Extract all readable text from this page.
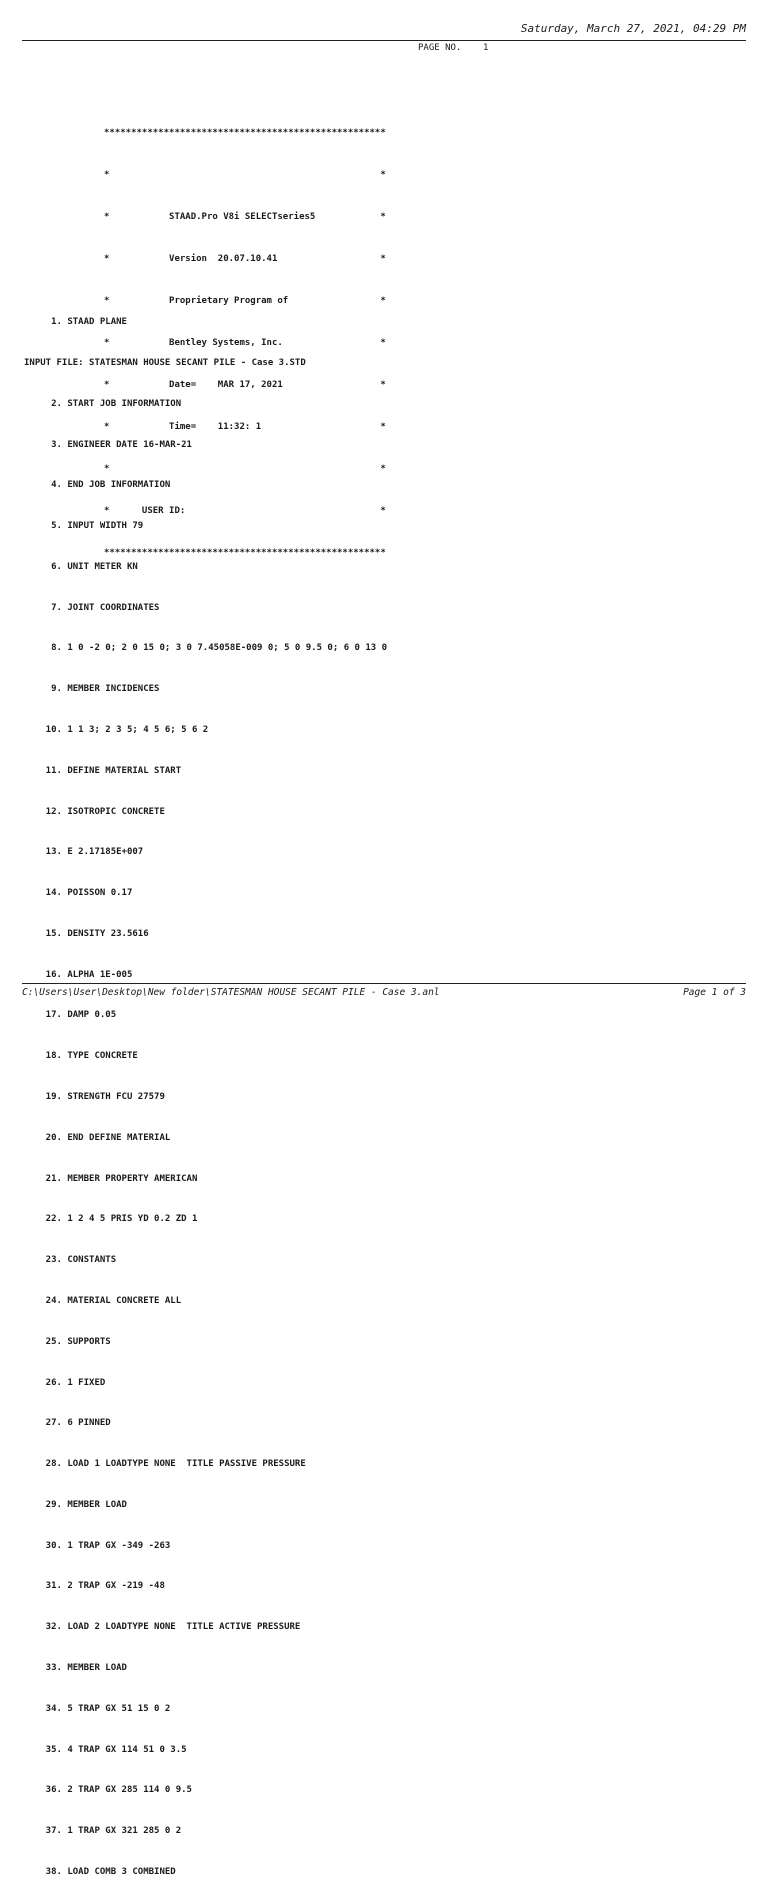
Saturday, March 27, 2021, 04:29 PM
PAGE NO.    1

****************************************************

*                                                  *

*           STAAD.Pro V8i SELECTseries5            *

*           Version  20.07.10.41                   *

*           Proprietary Program of                 *

*           Bentley Systems, Inc.                  *

*           Date=    MAR 17, 2021                  *

*           Time=    11:32: 1                      *

*                                                  *

*      USER ID:                                    *

****************************************************

1. STAAD PLANE

INPUT FILE: STATESMAN HOUSE SECANT PILE - Case 3.STD

2. START JOB INFORMATION

3. ENGINEER DATE 16-MAR-21

4. END JOB INFORMATION

5. INPUT WIDTH 79

6. UNIT METER KN

7. JOINT COORDINATES

8. 1 0 -2 0; 2 0 15 0; 3 0 7.45058E-009 0; 5 0 9.5 0; 6 0 13 0

9. MEMBER INCIDENCES

10. 1 1 3; 2 3 5; 4 5 6; 5 6 2

11. DEFINE MATERIAL START

12. ISOTROPIC CONCRETE

13. E 2.17185E+007

14. POISSON 0.17

15. DENSITY 23.5616

16. ALPHA 1E-005

17. DAMP 0.05

18. TYPE CONCRETE

19. STRENGTH FCU 27579

20. END DEFINE MATERIAL

21. MEMBER PROPERTY AMERICAN

22. 1 2 4 5 PRIS YD 0.2 ZD 1

23. CONSTANTS

24. MATERIAL CONCRETE ALL

25. SUPPORTS

26. 1 FIXED

27. 6 PINNED

28. LOAD 1 LOADTYPE NONE  TITLE PASSIVE PRESSURE

29. MEMBER LOAD

30. 1 TRAP GX -349 -263

31. 2 TRAP GX -219 -48

32. LOAD 2 LOADTYPE NONE  TITLE ACTIVE PRESSURE

33. MEMBER LOAD

34. 5 TRAP GX 51 15 0 2

35. 4 TRAP GX 114 51 0 3.5

36. 2 TRAP GX 285 114 0 9.5

37. 1 TRAP GX 321 285 0 2

38. LOAD COMB 3 COMBINED

C:\Users\User\Desktop\New folder\STATESMAN HOUSE SECANT PILE - Case 3.anl	Page 1 of 3
